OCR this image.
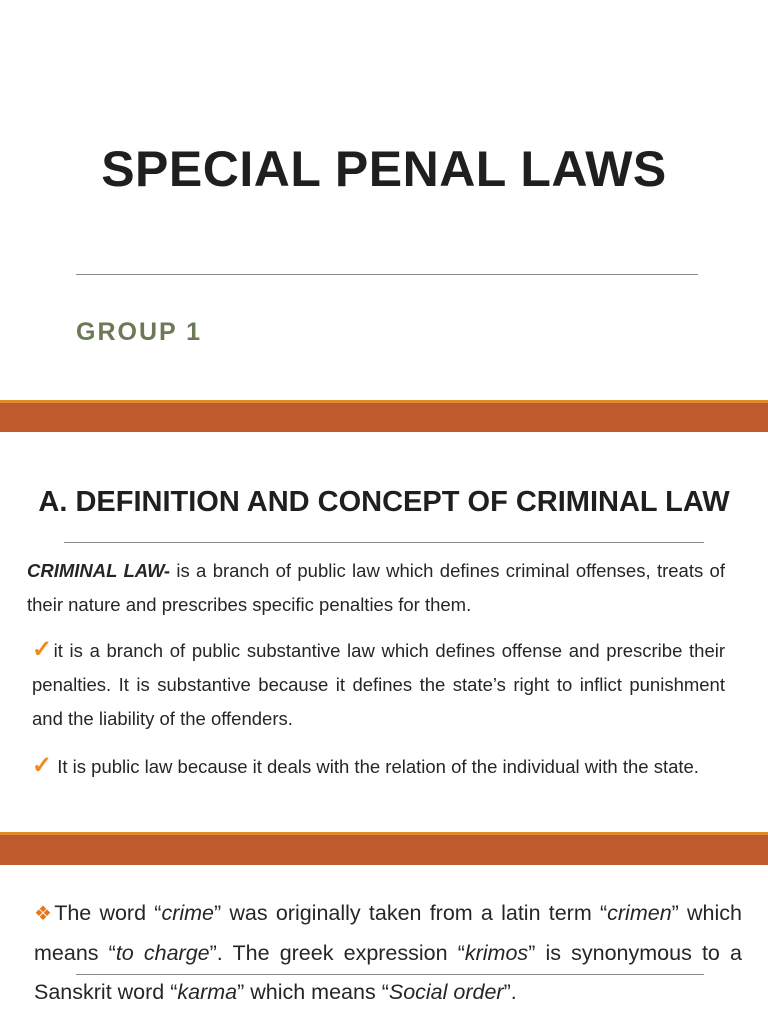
SPECIAL PENAL LAWS
GROUP 1
A. DEFINITION AND CONCEPT OF CRIMINAL LAW
CRIMINAL LAW- is a branch of public law which defines criminal offenses, treats of their nature and prescribes specific penalties for them.
✓it is a branch of public substantive law which defines offense and prescribe their penalties. It is substantive because it defines the state’s right to inflict punishment and the liability of the offenders.
✓ It is public law because it deals with the relation of the individual with the state.
❖The word “crime” was originally taken from a latin term “crimen” which means “to charge”. The greek expression “krimos” is synonymous to a Sanskrit word “karma” which means “Social order”.
